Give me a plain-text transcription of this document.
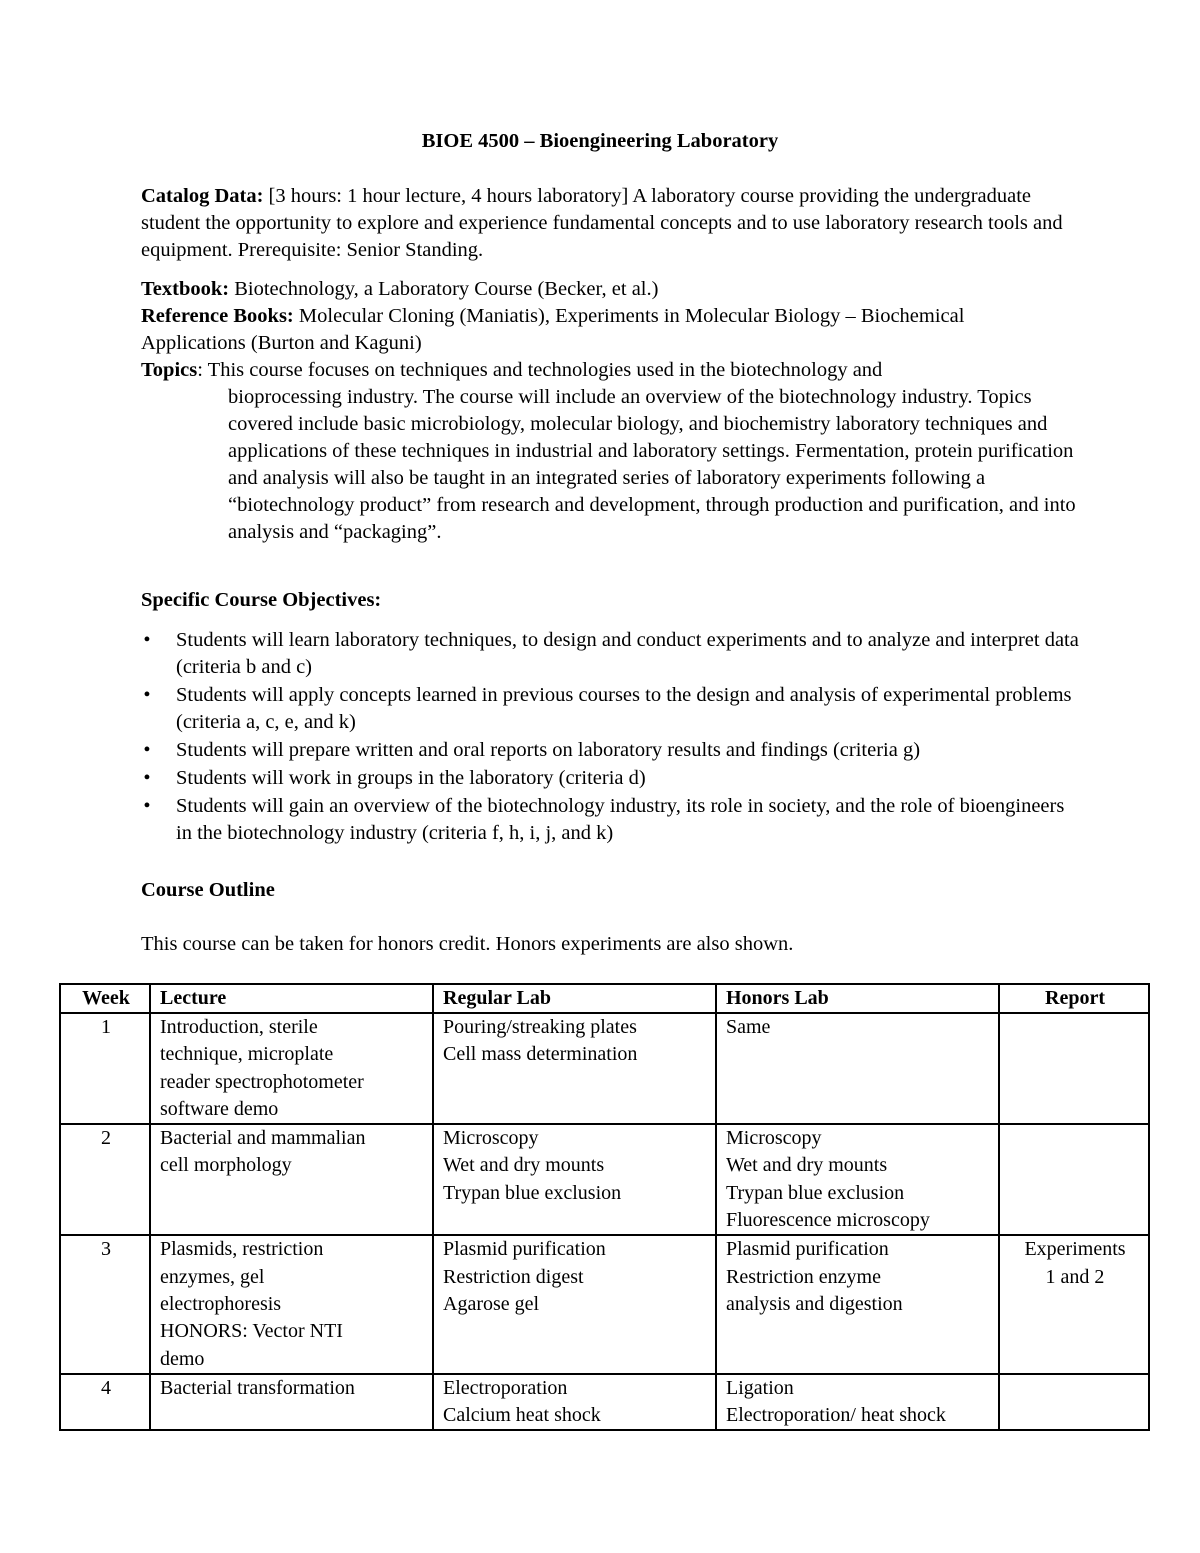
BIOE 4500 – Bioengineering Laboratory
Catalog Data: [3 hours: 1 hour lecture, 4 hours laboratory] A laboratory course providing the undergraduate student the opportunity to explore and experience fundamental concepts and to use laboratory research tools and equipment. Prerequisite: Senior Standing.
Textbook: Biotechnology, a Laboratory Course (Becker, et al.)
Reference Books: Molecular Cloning (Maniatis), Experiments in Molecular Biology – Biochemical Applications (Burton and Kaguni)
Topics: This course focuses on techniques and technologies used in the biotechnology and
bioprocessing industry. The course will include an overview of the biotechnology industry. Topics covered include basic microbiology, molecular biology, and biochemistry laboratory techniques and applications of these techniques in industrial and laboratory settings. Fermentation, protein purification and analysis will also be taught in an integrated series of laboratory experiments following a “biotechnology product” from research and development, through production and purification, and into analysis and “packaging”.
Specific Course Objectives:
• Students will learn laboratory techniques, to design and conduct experiments and to analyze and interpret data (criteria b and c)
• Students will apply concepts learned in previous courses to the design and analysis of experimental problems (criteria a, c, e, and k)
• Students will prepare written and oral reports on laboratory results and findings (criteria g)
• Students will work in groups in the laboratory (criteria d)
• Students will gain an overview of the biotechnology industry, its role in society, and the role of bioengineers in the biotechnology industry (criteria f, h, i, j, and k)
Course Outline
This course can be taken for honors credit. Honors experiments are also shown.
Week	Lecture	Regular Lab	Honors Lab	Report

1	Introduction, sterile
technique, microplate
reader spectrophotometer
software demo	Pouring/streaking plates
Cell mass determination	Same	

2	Bacterial and mammalian
cell morphology	Microscopy
Wet and dry mounts
Trypan blue exclusion	Microscopy
Wet and dry mounts
Trypan blue exclusion
Fluorescence microscopy	

3	Plasmids, restriction
enzymes, gel
electrophoresis
HONORS: Vector NTI
demo	Plasmid purification
Restriction digest
Agarose gel	Plasmid purification
Restriction enzyme
analysis and digestion	Experiments
1 and 2

4	Bacterial transformation	Electroporation
Calcium heat shock	Ligation
Electroporation/ heat shock	
